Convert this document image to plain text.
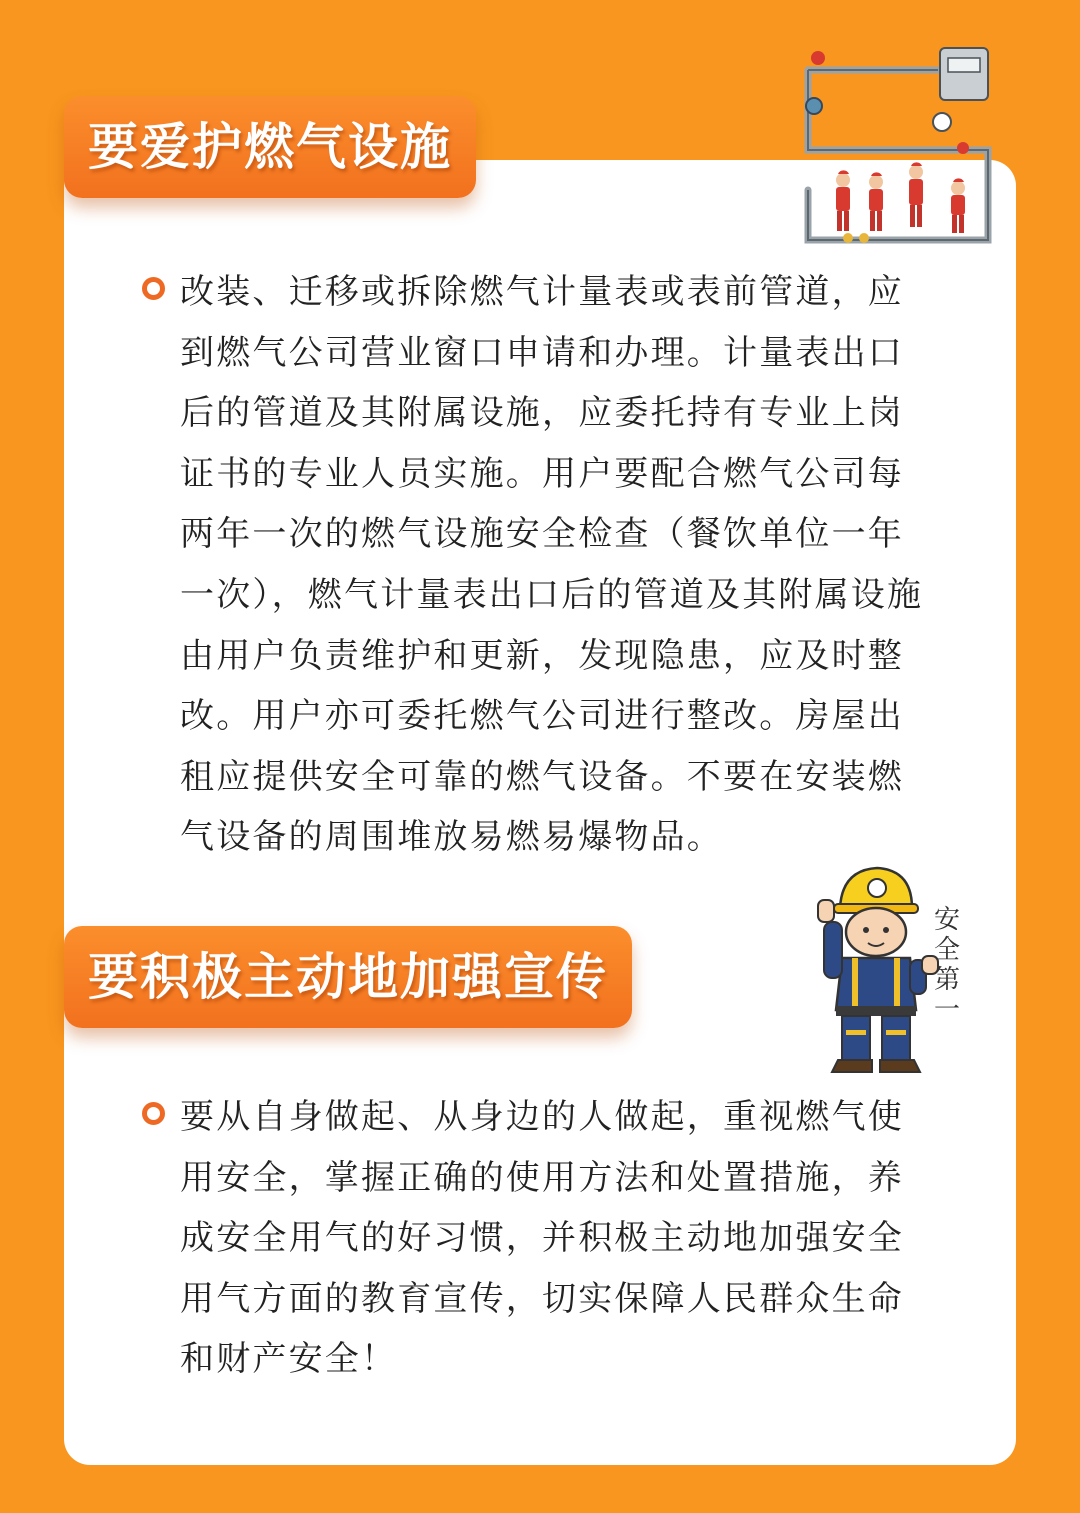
要爱护燃气设施

改装、迁移或拆除燃气计量表或表前管道，应到燃气公司营业窗口申请和办理。计量表出口后的管道及其附属设施，应委托持有专业上岗证书的专业人员实施。用户要配合燃气公司每两年一次的燃气设施安全检查（餐饮单位一年一次），燃气计量表出口后的管道及其附属设施由用户负责维护和更新，发现隐患，应及时整改。用户亦可委托燃气公司进行整改。房屋出租应提供安全可靠的燃气设备。不要在安装燃气设备的周围堆放易燃易爆物品。

安全第一
要积极主动地加强宣传

要从自身做起、从身边的人做起，重视燃气使用安全，掌握正确的使用方法和处置措施，养成安全用气的好习惯，并积极主动地加强安全用气方面的教育宣传，切实保障人民群众生命和财产安全！
